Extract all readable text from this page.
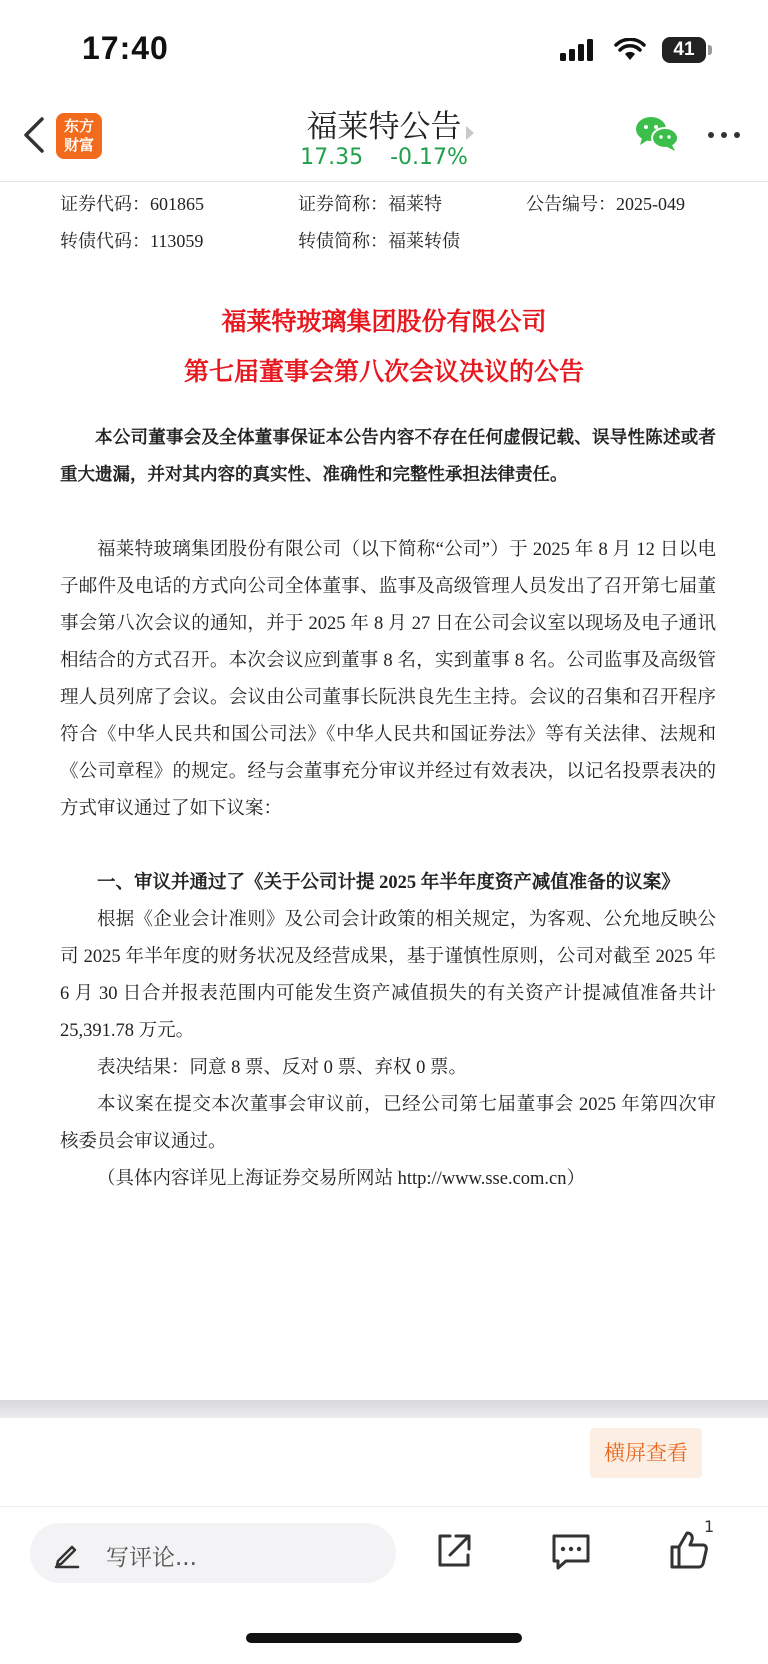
17:40	41
东方
财富	福莱特公告
17.35 -0.17%
证券代码：601865	证券简称：福莱特	公告编号：2025-049
转债代码：113059	转债简称：福莱转债
福莱特玻璃集团股份有限公司
第七届董事会第八次会议决议的公告
本公司董事会及全体董事保证本公告内容不存在任何虚假记载、误导性陈述或者重大遗漏，并对其内容的真实性、准确性和完整性承担法律责任。
福莱特玻璃集团股份有限公司（以下简称“公司”）于 2025 年 8 月 12 日以电子邮件及电话的方式向公司全体董事、监事及高级管理人员发出了召开第七届董事会第八次会议的通知，并于 2025 年 8 月 27 日在公司会议室以现场及电子通讯相结合的方式召开。本次会议应到董事 8 名，实到董事 8 名。公司监事及高级管理人员列席了会议。会议由公司董事长阮洪良先生主持。会议的召集和召开程序符合《中华人民共和国公司法》《中华人民共和国证券法》等有关法律、法规和《公司章程》的规定。经与会董事充分审议并经过有效表决，以记名投票表决的方式审议通过了如下议案：
一、审议并通过了《关于公司计提 2025 年半年度资产减值准备的议案》
根据《企业会计准则》及公司会计政策的相关规定，为客观、公允地反映公司 2025 年半年度的财务状况及经营成果，基于谨慎性原则，公司对截至 2025 年 6 月 30 日合并报表范围内可能发生资产减值损失的有关资产计提减值准备共计 25,391.78 万元。
表决结果：同意 8 票、反对 0 票、弃权 0 票。
本议案在提交本次董事会审议前，已经公司第七届董事会 2025 年第四次审核委员会审议通过。
（具体内容详见上海证券交易所网站 http://www.sse.com.cn）
横屏查看
写评论...
1
